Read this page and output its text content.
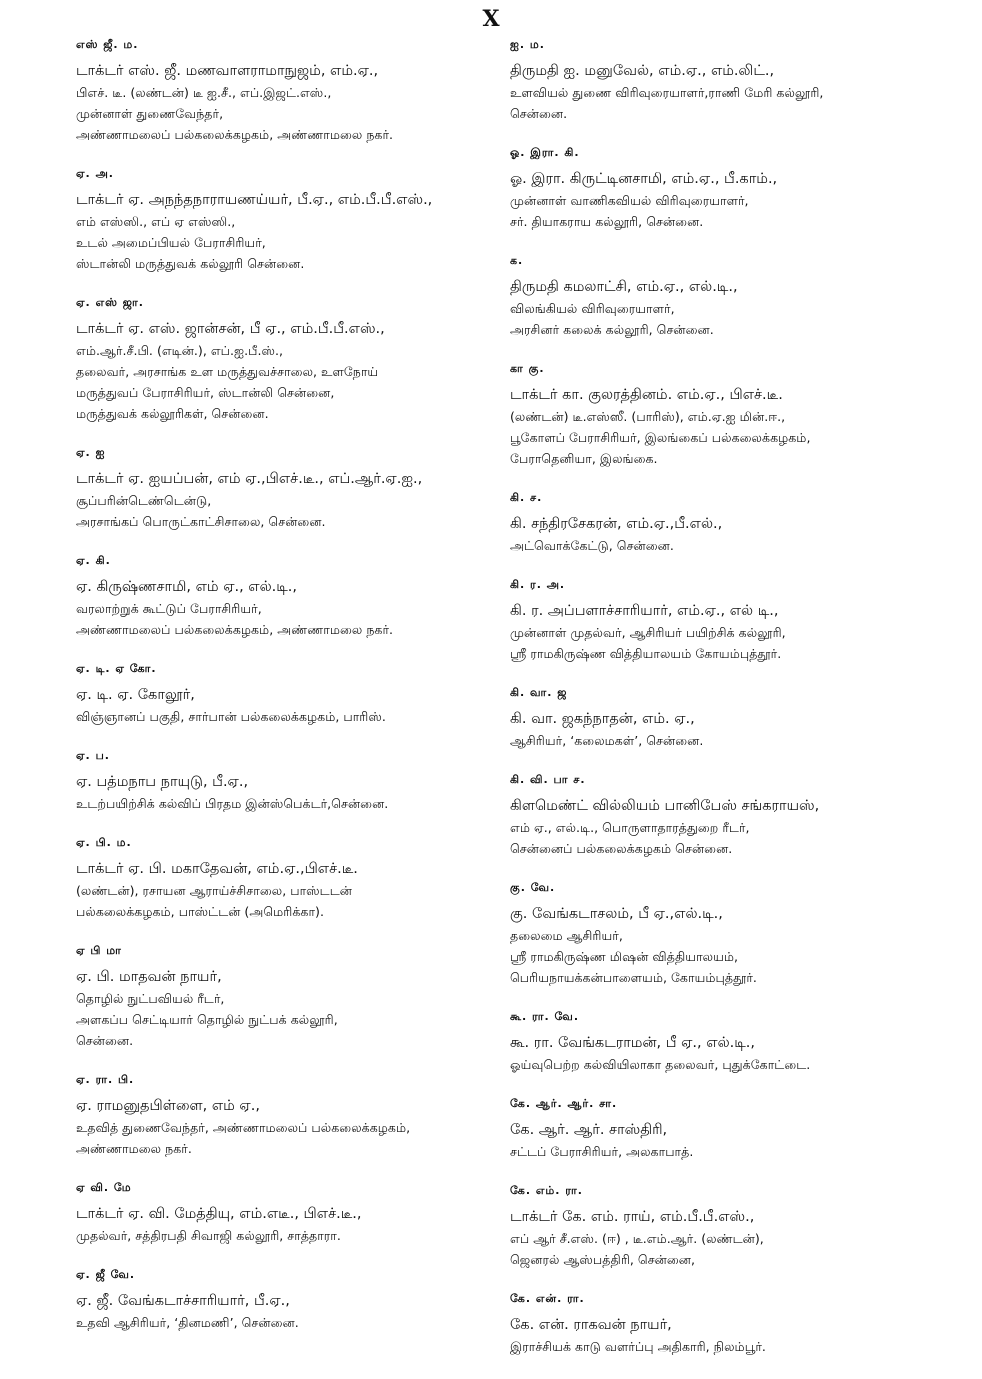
X
எஸ் ஜீ. ம.
டாக்டர் எஸ். ஜீ. மணவாளராமாநுஜம், எம்.ஏ.,
பிஎச். டீ. (லண்டன்) டீ ஐ.சீ., எப்.இஜட்.எஸ்.,
முன்னாள் துணைவேந்தர்,
அண்ணாமலைப் பல்கலைக்கழகம், அண்ணாமலை நகர்.
ஏ. அ.
டாக்டர் ஏ. அநந்தநாராயணய்யர், பீ.ஏ., எம்.பீ.பீ.எஸ்.,
எம் எஸ்ஸி., எப் ஏ எஸ்ஸி.,
உடல் அமைப்பியல் பேராசிரியர்,
ஸ்டான்லி மருத்துவக் கல்லூரி சென்னை.
ஏ. எஸ் ஜா.
டாக்டர் ஏ. எஸ். ஜான்சன், பீ ஏ., எம்.பீ.பீ.எஸ்.,
எம்.ஆர்.சீ.பி. (எடின்.), எப்.ஐ.பீ.ஸ்.,
தலைவர், அரசாங்க உள மருத்துவச்சாலை, உளநோய்
மருத்துவப் பேராசிரியர், ஸ்டான்லி சென்னை,
மருத்துவக் கல்லூரிகள், சென்னை.
ஏ. ஐ
டாக்டர் ஏ. ஐயப்பன், எம் ஏ.,பிஎச்.டீ., எப்.ஆர்.ஏ.ஐ.,
சூப்பரின்டெண்டென்டு,
அரசாங்கப் பொருட்காட்சிசாலை, சென்னை.
ஏ. கி.
ஏ. கிருஷ்ணசாமி, எம் ஏ., எல்.டி.,
வரலாற்றுக் கூட்டுப் பேராசிரியர்,
அண்ணாமலைப் பல்கலைக்கழகம், அண்ணாமலை நகர்.
ஏ. டி. ஏ கோ.
ஏ. டி. ஏ. கோலூர்,
விஞ்ஞானப் பகுதி, சார்பான் பல்கலைக்கழகம், பாரிஸ்.
ஏ. ப.
ஏ. பத்மநாப நாயுடு, பீ.ஏ.,
உடற்பயிற்சிக் கல்விப் பிரதம இன்ஸ்பெக்டர்,சென்னை.
ஏ. பி. ம.
டாக்டர் ஏ. பி. மகாதேவன், எம்.ஏ.,பிஎச்.டீ.
(லண்டன்), ரசாயன ஆராய்ச்சிசாலை, பாஸ்டடன்
பல்கலைக்கழகம், பாஸ்ட்டன் (அமெரிக்கா).
ஏ பி மா
ஏ. பி. மாதவன் நாயர்,
தொழில் நுட்பவியல் ரீடர்,
அளகப்ப செட்டியார் தொழில் நுட்பக் கல்லூரி,
சென்னை.
ஏ. ரா. பி.
ஏ. ராமனுதபிள்ளை, எம் ஏ.,
உதவித் துணைவேந்தர், அண்ணாமலைப் பல்கலைக்கழகம்,
அண்ணாமலை நகர்.
ஏ வி. மே
டாக்டர் ஏ. வி. மேத்தியு, எம்.எடீ., பிஎச்.டீ.,
முதல்வர், சத்திரபதி சிவாஜி கல்லூரி, சாத்தாரா.
ஏ. ஜீ வே.
ஏ. ஜீ. வேங்கடாச்சாரியார், பீ.ஏ.,
உதவி ஆசிரியர், ‘தினமணி’, சென்னை.
ஐ. ம.
திருமதி ஐ. மனுவேல், எம்.ஏ., எம்.லிட்.,
உளவியல் துணை விரிவுரையாளர்,ராணி மேரி கல்லூரி,
சென்னை.
ஓ. இரா. கி.
ஓ. இரா. கிருட்டினசாமி, எம்.ஏ., பீ.காம்.,
முன்னாள் வாணிகவியல் விரிவுரையாளர்,
சர். தியாகராய கல்லூரி, சென்னை.
க.
திருமதி கமலாட்சி, எம்.ஏ., எல்.டி.,
விலங்கியல் விரிவுரையாளர்,
அரசினர் கலைக் கல்லூரி, சென்னை.
கா கு.
டாக்டர் கா. குலரத்தினம். எம்.ஏ., பிஎச்.டீ.
(லண்டன்) டீ.எஸ்ஸீ. (பாரிஸ்), எம்.ஏ.ஐ மின்.ஈ.,
பூகோளப் பேராசிரியர், இலங்கைப் பல்கலைக்கழகம்,
பேராதெனியா, இலங்கை.
கி. ச.
கி. சந்திரசேகரன், எம்.ஏ.,பீ.எல்.,
அட்வொக்கேட்டு, சென்னை.
கி. ர. அ.
கி. ர. அப்பளாச்சாரியார், எம்.ஏ., எல் டி.,
முன்னாள் முதல்வர், ஆசிரியர் பயிற்சிக் கல்லூரி,
ஸ்ரீ ராமகிருஷ்ண வித்தியாலயம் கோயம்புத்தூர்.
கி. வா. ஜ
கி. வா. ஜகந்நாதன், எம். ஏ.,
ஆசிரியர், ‘கலைமகள்’, சென்னை.
கி. வி. பா ச.
கிளமெண்ட் வில்லியம் பானிபேஸ் சங்கராயஸ்,
எம் ஏ., எல்.டி., பொருளாதாரத்துறை ரீடர்,
சென்னைப் பல்கலைக்கழகம் சென்னை.
கு. வே.
கு. வேங்கடாசலம், பீ ஏ.,எல்.டி.,
தலைமை ஆசிரியர்,
ஸ்ரீ ராமகிருஷ்ண மிஷன் வித்தியாலயம்,
பெரியநாயக்கன்பாளையம், கோயம்புத்தூர்.
கூ. ரா. வே.
கூ. ரா. வேங்கடராமன், பீ ஏ., எல்.டி.,
ஓய்வுபெற்ற கல்வியிலாகா தலைவர், புதுக்கோட்டை.
கே. ஆர். ஆர். சா.
கே. ஆர். ஆர். சாஸ்திரி,
சட்டப் பேராசிரியர், அலகாபாத்.
கே. எம். ரா.
டாக்டர் கே. எம். ராய், எம்.பீ.பீ.எஸ்.,
எப் ஆர் சீ.எஸ். (ஈ) , டீ.எம்.ஆர். (லண்டன்),
ஜெனரல் ஆஸ்பத்திரி, சென்னை,
கே. என். ரா.
கே. என். ராகவன் நாயர்,
இராச்சியக் காடு வளர்ப்பு அதிகாரி, நிலம்பூர்.
